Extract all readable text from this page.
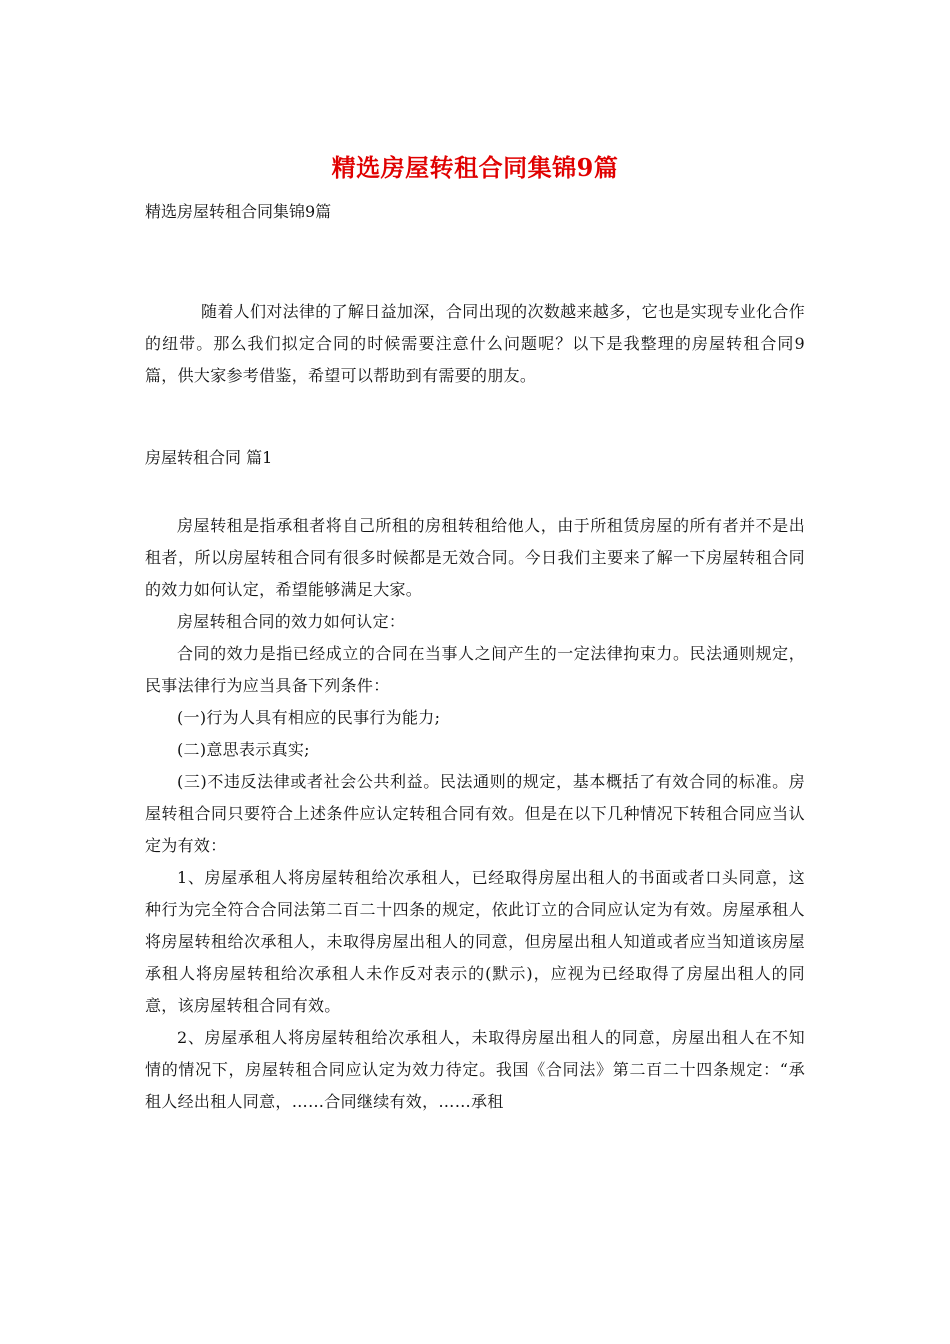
精选房屋转租合同集锦9篇
精选房屋转租合同集锦9篇

随着人们对法律的了解日益加深，合同出现的次数越来越多，它也是实现专业化合作的纽带。那么我们拟定合同的时候需要注意什么问题呢？以下是我整理的房屋转租合同9篇，供大家参考借鉴，希望可以帮助到有需要的朋友。

房屋转租合同 篇1

房屋转租是指承租者将自己所租的房租转租给他人，由于所租赁房屋的所有者并不是出租者，所以房屋转租合同有很多时候都是无效合同。今日我们主要来了解一下房屋转租合同的效力如何认定，希望能够满足大家。

房屋转租合同的效力如何认定：

合同的效力是指已经成立的合同在当事人之间产生的一定法律拘束力。民法通则规定，民事法律行为应当具备下列条件：

(一)行为人具有相应的民事行为能力;

(二)意思表示真实;

(三)不违反法律或者社会公共利益。民法通则的规定，基本概括了有效合同的标准。房屋转租合同只要符合上述条件应认定转租合同有效。但是在以下几种情况下转租合同应当认定为有效：

1、房屋承租人将房屋转租给次承租人，已经取得房屋出租人的书面或者口头同意，这种行为完全符合合同法第二百二十四条的规定，依此订立的合同应认定为有效。房屋承租人将房屋转租给次承租人，未取得房屋出租人的同意，但房屋出租人知道或者应当知道该房屋承租人将房屋转租给次承租人未作反对表示的(默示)，应视为已经取得了房屋出租人的同意，该房屋转租合同有效。

2、房屋承租人将房屋转租给次承租人，未取得房屋出租人的同意，房屋出租人在不知情的情况下，房屋转租合同应认定为效力待定。我国《合同法》第二百二十四条规定：“承租人经出租人同意，……合同继续有效，……承租
